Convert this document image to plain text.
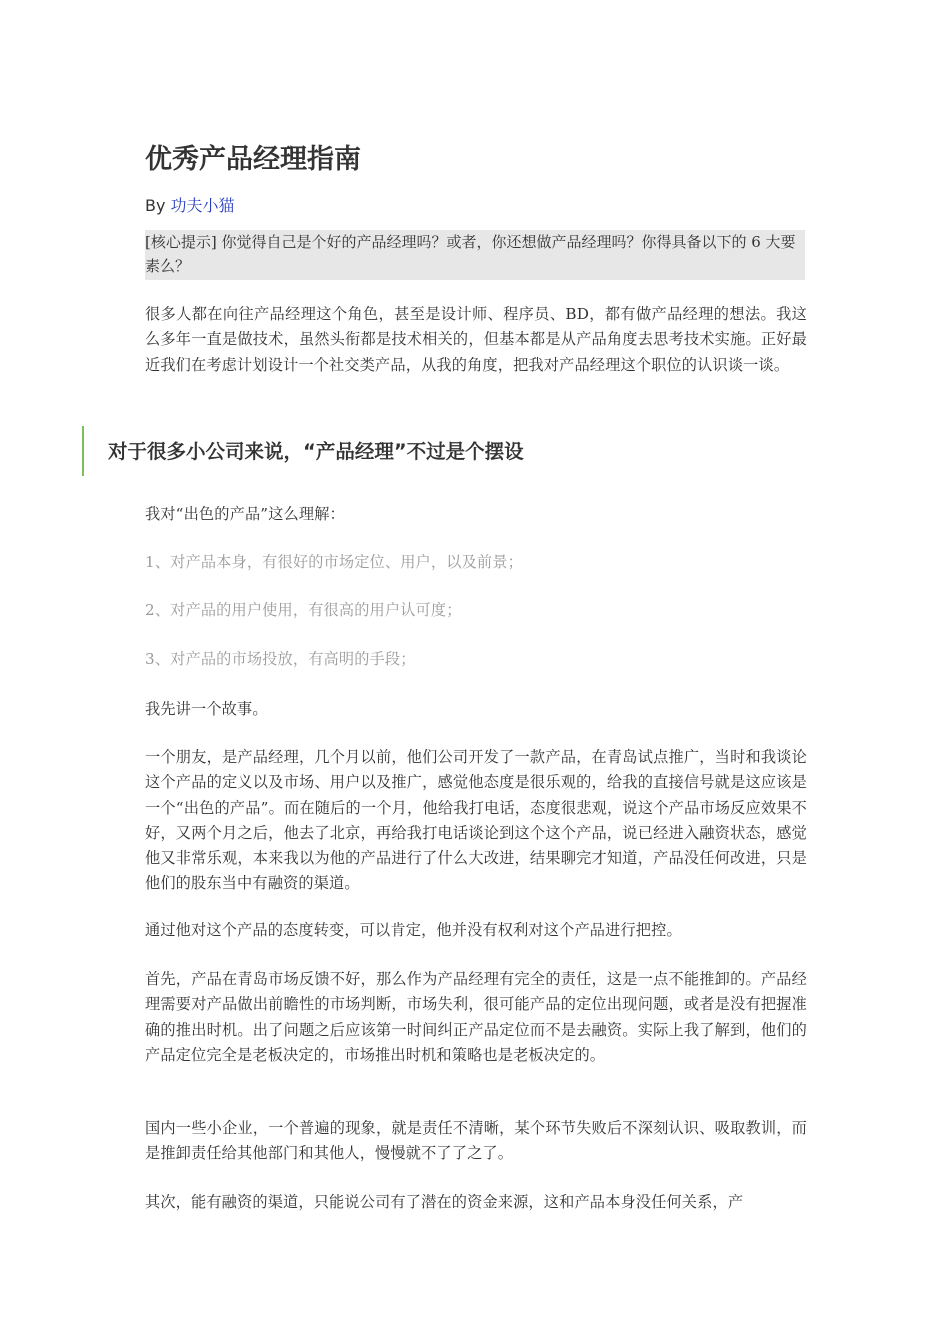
优秀产品经理指南
By 功夫小猫
[核心提示] 你觉得自己是个好的产品经理吗？或者，你还想做产品经理吗？你得具备以下的 6 大要素么？

很多人都在向往产品经理这个角色，甚至是设计师、程序员、BD，都有做产品经理的想法。我这么多年一直是做技术，虽然头衔都是技术相关的，但基本都是从产品角度去思考技术实施。正好最近我们在考虑计划设计一个社交类产品，从我的角度，把我对产品经理这个职位的认识谈一谈。

对于很多小公司来说，“产品经理”不过是个摆设

我对“出色的产品”这么理解：

1、对产品本身，有很好的市场定位、用户，以及前景；

2、对产品的用户使用，有很高的用户认可度；

3、对产品的市场投放，有高明的手段；

我先讲一个故事。

一个朋友，是产品经理，几个月以前，他们公司开发了一款产品，在青岛试点推广，当时和我谈论这个产品的定义以及市场、用户以及推广，感觉他态度是很乐观的，给我的直接信号就是这应该是一个“出色的产品”。而在随后的一个月，他给我打电话，态度很悲观，说这个产品市场反应效果不好，又两个月之后，他去了北京，再给我打电话谈论到这个这个产品，说已经进入融资状态，感觉他又非常乐观，本来我以为他的产品进行了什么大改进，结果聊完才知道，产品没任何改进，只是他们的股东当中有融资的渠道。

通过他对这个产品的态度转变，可以肯定，他并没有权利对这个产品进行把控。

首先，产品在青岛市场反馈不好，那么作为产品经理有完全的责任，这是一点不能推卸的。产品经理需要对产品做出前瞻性的市场判断，市场失利，很可能产品的定位出现问题，或者是没有把握准确的推出时机。出了问题之后应该第一时间纠正产品定位而不是去融资。实际上我了解到，他们的产品定位完全是老板决定的，市场推出时机和策略也是老板决定的。

国内一些小企业，一个普遍的现象，就是责任不清晰，某个环节失败后不深刻认识、吸取教训，而是推卸责任给其他部门和其他人，慢慢就不了了之了。

其次，能有融资的渠道，只能说公司有了潜在的资金来源，这和产品本身没任何关系，产
